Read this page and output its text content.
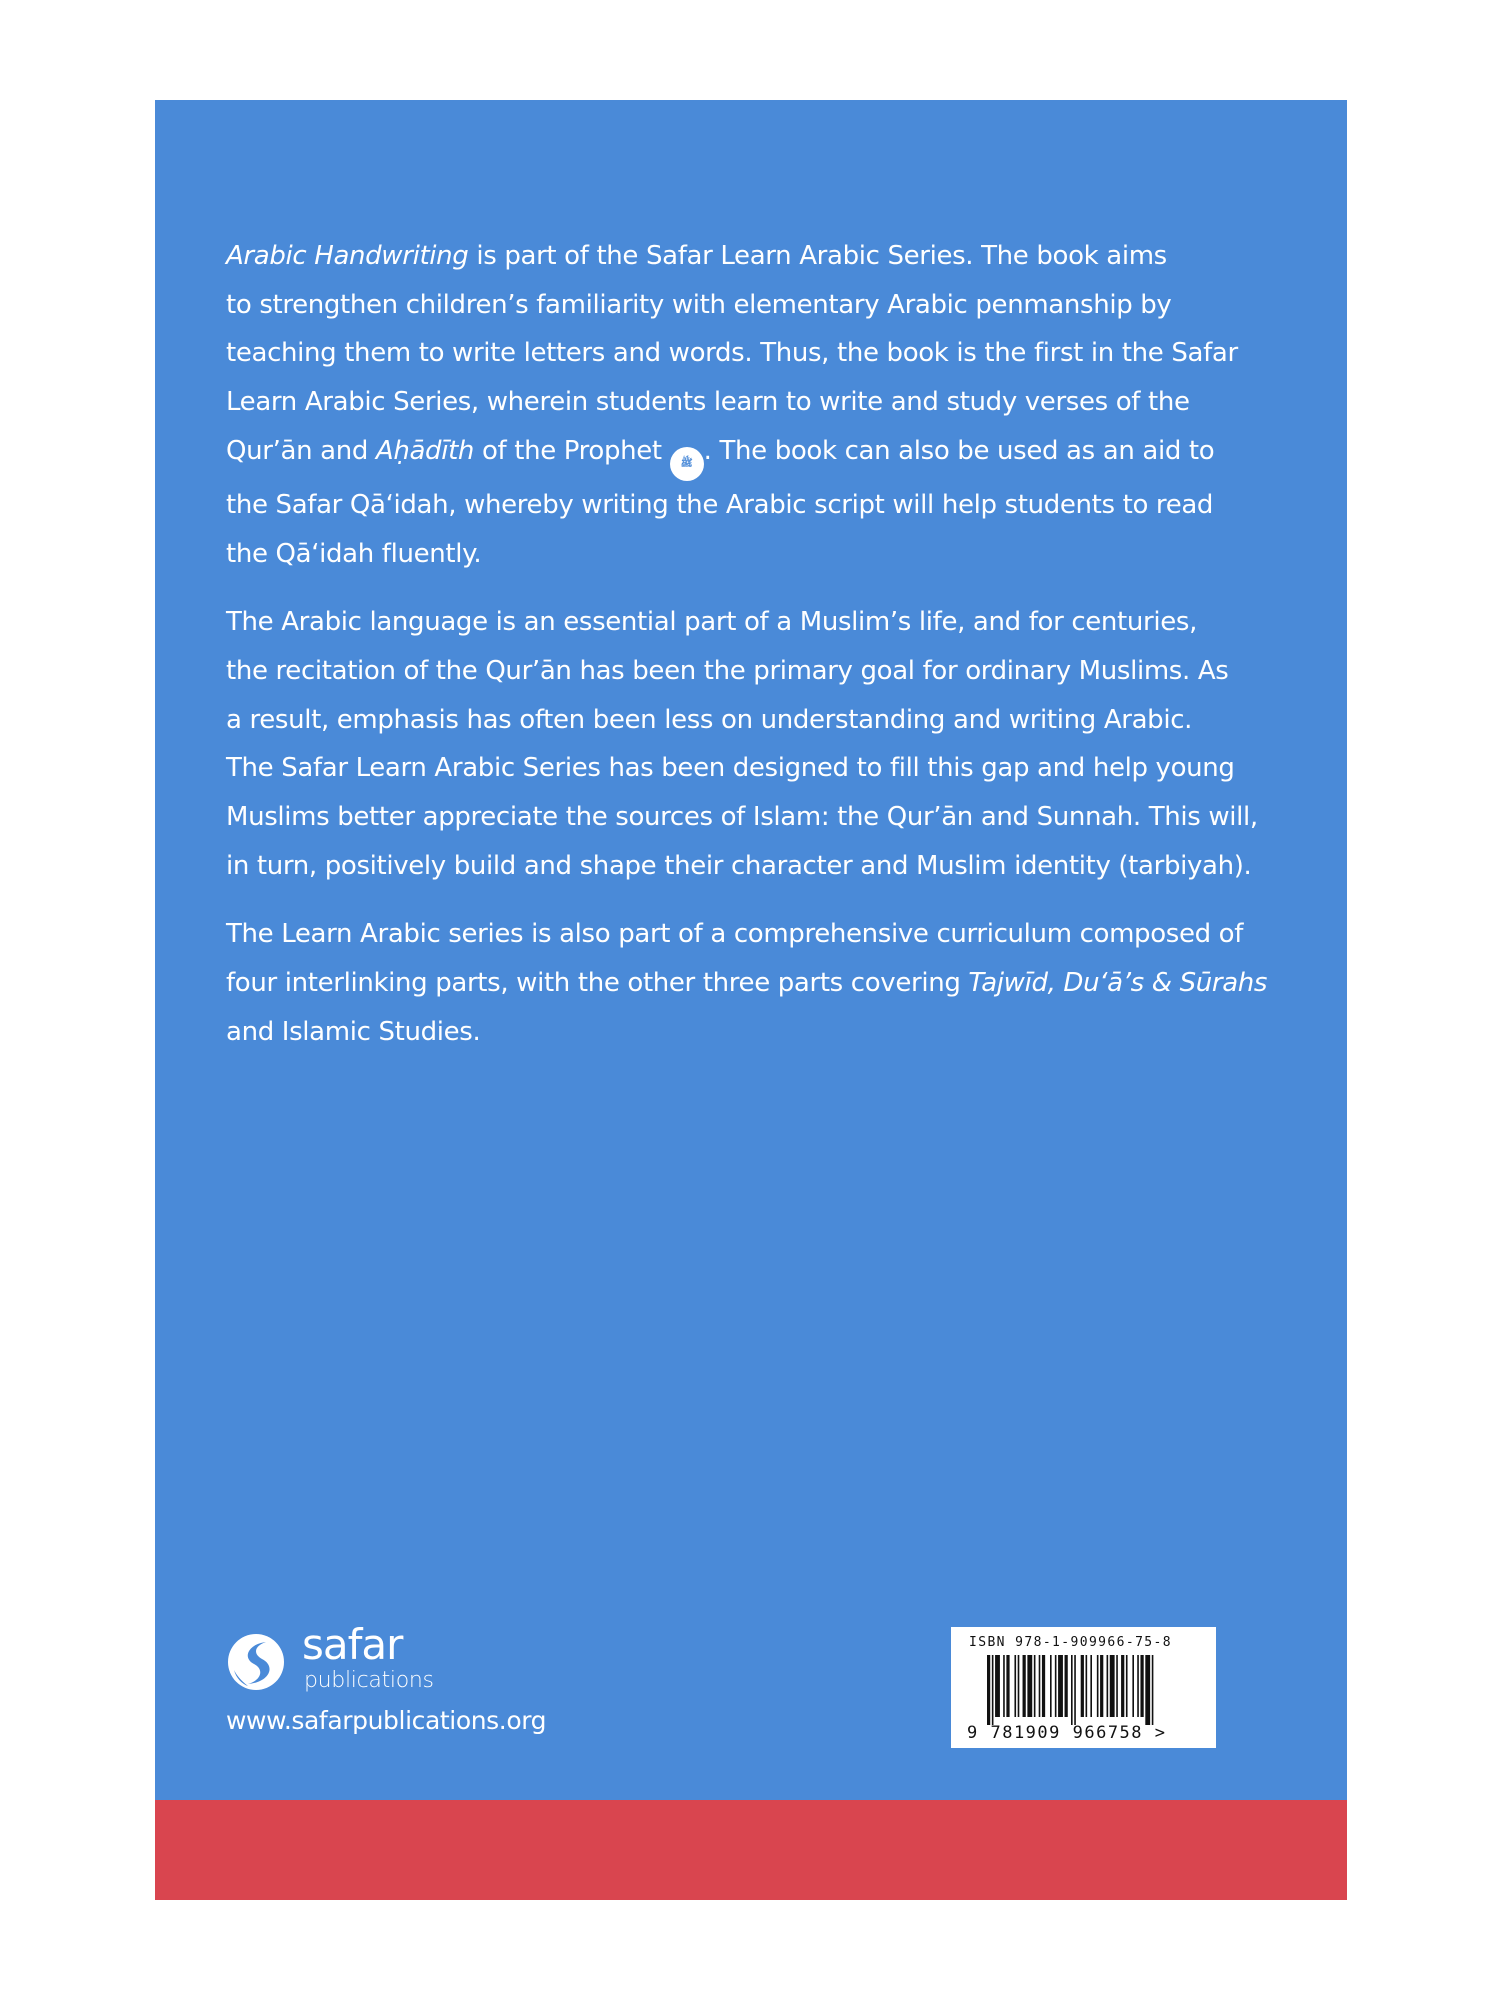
Arabic Handwriting is part of the Safar Learn Arabic Series. The book aims
to strengthen children’s familiarity with elementary Arabic penmanship by
teaching them to write letters and words. Thus, the book is the first in the Safar
Learn Arabic Series, wherein students learn to write and study verses of the
Qur’ān and Aḥādīth of the Prophet ﷺ . The book can also be used as an aid to
the Safar Qā‘idah, whereby writing the Arabic script will help students to read
the Qā‘idah fluently.

The Arabic language is an essential part of a Muslim’s life, and for centuries,
the recitation of the Qur’ān has been the primary goal for ordinary Muslims. As
a result, emphasis has often been less on understanding and writing Arabic.
The Safar Learn Arabic Series has been designed to fill this gap and help young
Muslims better appreciate the sources of Islam: the Qur’ān and Sunnah. This will,
in turn, positively build and shape their character and Muslim identity (tarbiyah).

The Learn Arabic series is also part of a comprehensive curriculum composed of
four interlinking parts, with the other three parts covering Tajwīd, Du‘ā’s & Sūrahs
and Islamic Studies.

safar
publications
www.safarpublications.org
ISBN 978-1-909966-75-8
9 781909 966758 >
